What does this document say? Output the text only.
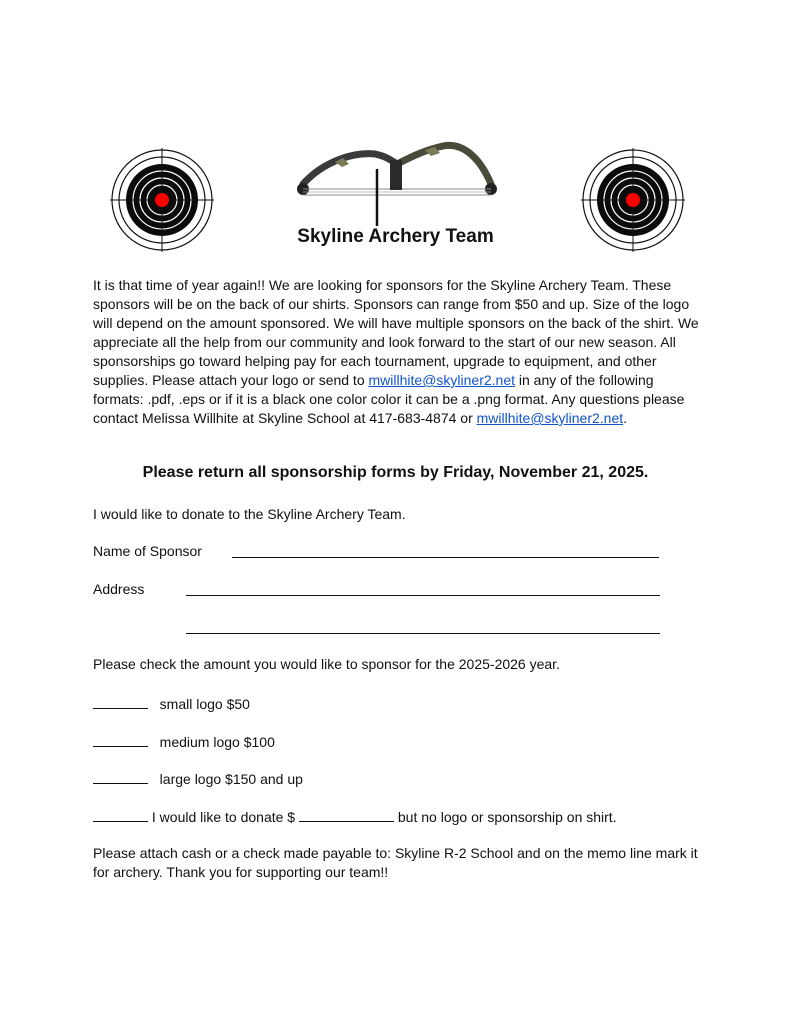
Skyline Archery Team

It is that time of year again!! We are looking for sponsors for the Skyline Archery Team. These sponsors will be on the back of our shirts. Sponsors can range from $50 and up. Size of the logo will depend on the amount sponsored. We will have multiple sponsors on the back of the shirt. We appreciate all the help from our community and look forward to the start of our new season. All sponsorships go toward helping pay for each tournament, upgrade to equipment, and other supplies. Please attach your logo or send to mwillhite@skyliner2.net in any of the following formats: .pdf, .eps or if it is a black one color color it can be a .png format. Any questions please contact Melissa Willhite at Skyline School at 417-683-4874 or mwillhite@skyliner2.net.

Please return all sponsorship forms by Friday, November 21, 2025.

I would like to donate to the Skyline Archery Team.

Name of Sponsor

Address

Please check the amount you would like to sponsor for the 2025-2026 year.

small logo $50

medium logo $100

large logo $150 and up

I would like to donate $	but no logo or sponsorship on shirt.

Please attach cash or a check made payable to: Skyline R-2 School and on the memo line mark it for archery. Thank you for supporting our team!!
